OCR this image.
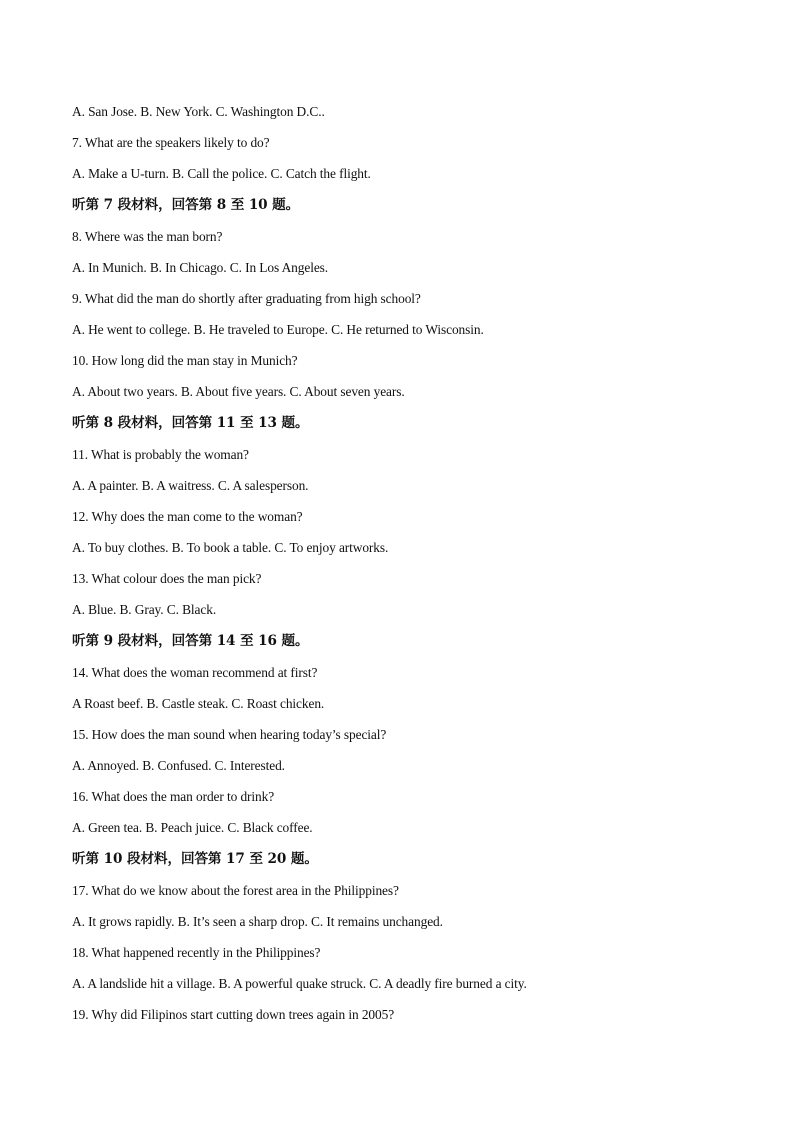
A. San Jose. B. New York. C. Washington D.C..
7. What are the speakers likely to do?
A. Make a U-turn. B. Call the police. C. Catch the flight.
听第 7 段材料，回答第 8 至 10 题。
8. Where was the man born?
A. In Munich. B. In Chicago. C. In Los Angeles.
9. What did the man do shortly after graduating from high school?
A. He went to college. B. He traveled to Europe. C. He returned to Wisconsin.
10. How long did the man stay in Munich?
A. About two years. B. About five years. C. About seven years.
听第 8 段材料，回答第 11 至 13 题。
11. What is probably the woman?
A. A painter. B. A waitress. C. A salesperson.
12. Why does the man come to the woman?
A. To buy clothes. B. To book a table. C. To enjoy artworks.
13. What colour does the man pick?
A. Blue. B. Gray. C. Black.
听第 9 段材料，回答第 14 至 16 题。
14. What does the woman recommend at first?
A Roast beef. B. Castle steak. C. Roast chicken.
15. How does the man sound when hearing today’s special?
A. Annoyed. B. Confused. C. Interested.
16. What does the man order to drink?
A. Green tea. B. Peach juice. C. Black coffee.
听第 10 段材料，回答第 17 至 20 题。
17. What do we know about the forest area in the Philippines?
A. It grows rapidly. B. It’s seen a sharp drop. C. It remains unchanged.
18. What happened recently in the Philippines?
A. A landslide hit a village. B. A powerful quake struck. C. A deadly fire burned a city.
19. Why did Filipinos start cutting down trees again in 2005?
